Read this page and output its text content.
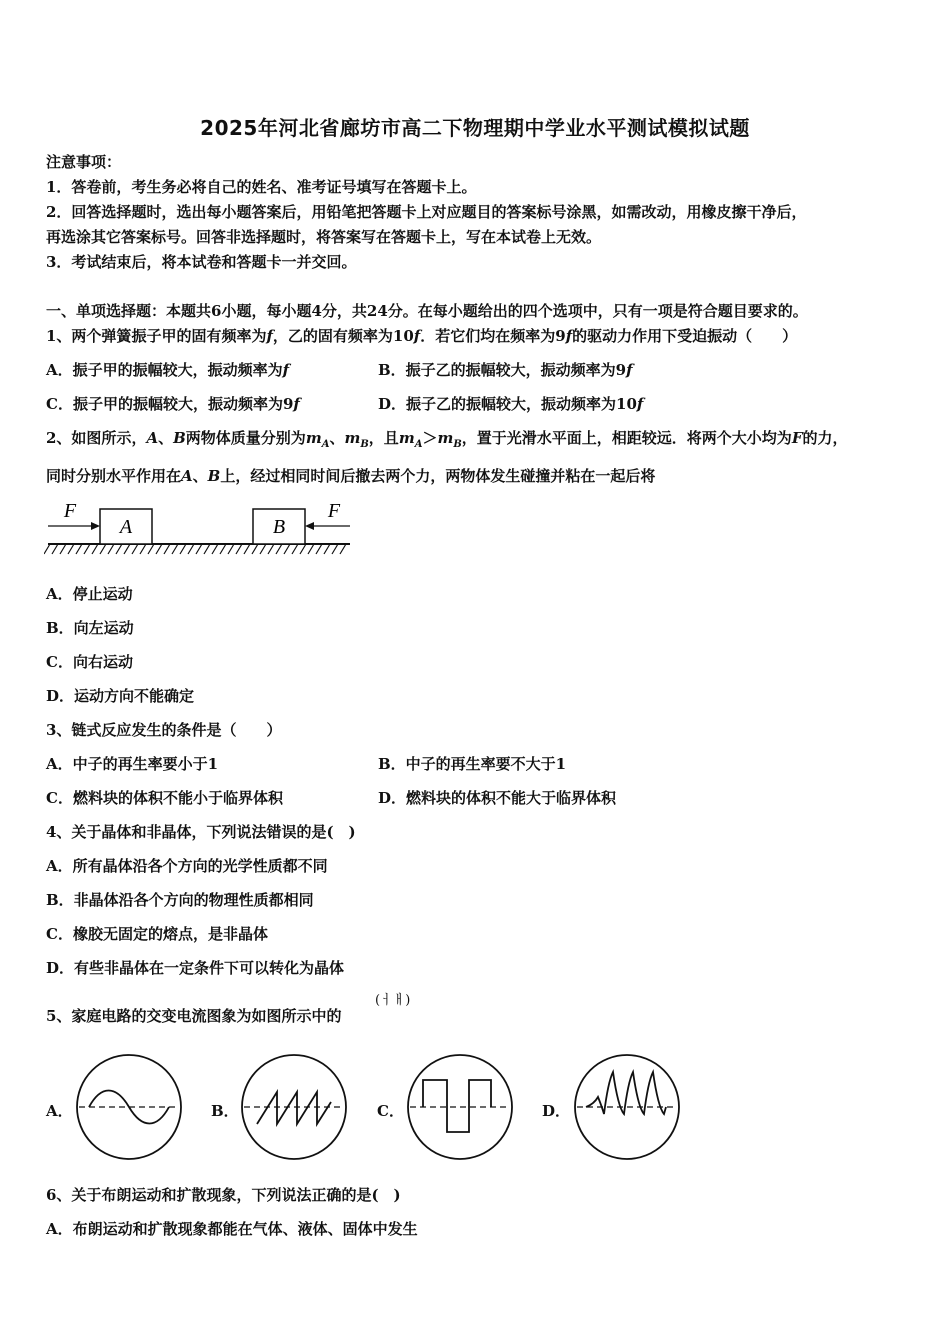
2025年河北省廊坊市高二下物理期中学业水平测试模拟试题
注意事项：
1．答卷前，考生务必将自己的姓名、准考证号填写在答题卡上。
2．回答选择题时，选出每小题答案后，用铅笔把答题卡上对应题目的答案标号涂黑，如需改动，用橡皮擦干净后，
再选涂其它答案标号。回答非选择题时，将答案写在答题卡上，写在本试卷上无效。
3．考试结束后，将本试卷和答题卡一并交回。
一、单项选择题：本题共6小题，每小题4分，共24分。在每小题给出的四个选项中，只有一项是符合题目要求的。
1、两个弹簧振子甲的固有频率为f，乙的固有频率为10f．若它们均在频率为9f的驱动力作用下受迫振动（　　）
A．振子甲的振幅较大，振动频率为f	B．振子乙的振幅较大，振动频率为9f
C．振子甲的振幅较大，振动频率为9f	D．振子乙的振幅较大，振动频率为10f
2、如图所示，A、B两物体质量分别为$m_A$、$m_B$，且$m_A>m_B$，置于光滑水平面上，相距较远．将两个大小均为F的力，
同时分别水平作用在A、B上，经过相同时间后撤去两个力，两物体发生碰撞并粘在一起后将
A	B
F	F
A．停止运动
B．向左运动
C．向右运动
D．运动方向不能确定
3、链式反应发生的条件是（　　）
A．中子的再生率要小于1	B．中子的再生率要不大于1
C．燃料块的体积不能小于临界体积	D．燃料块的体积不能大于临界体积
4、关于晶体和非晶体，下列说法错误的是(　)
A．所有晶体沿各个方向的光学性质都不同
B．非晶体沿各个方向的物理性质都相同
C．橡胶无固定的熔点，是非晶体
D．有些非晶体在一定条件下可以转化为晶体
5、家庭电路的交变电流图象为如图所示中的
(ㅓㅐ)
A．	B．	C．	D．
6、关于布朗运动和扩散现象，下列说法正确的是(　)
A．布朗运动和扩散现象都能在气体、液体、固体中发生
